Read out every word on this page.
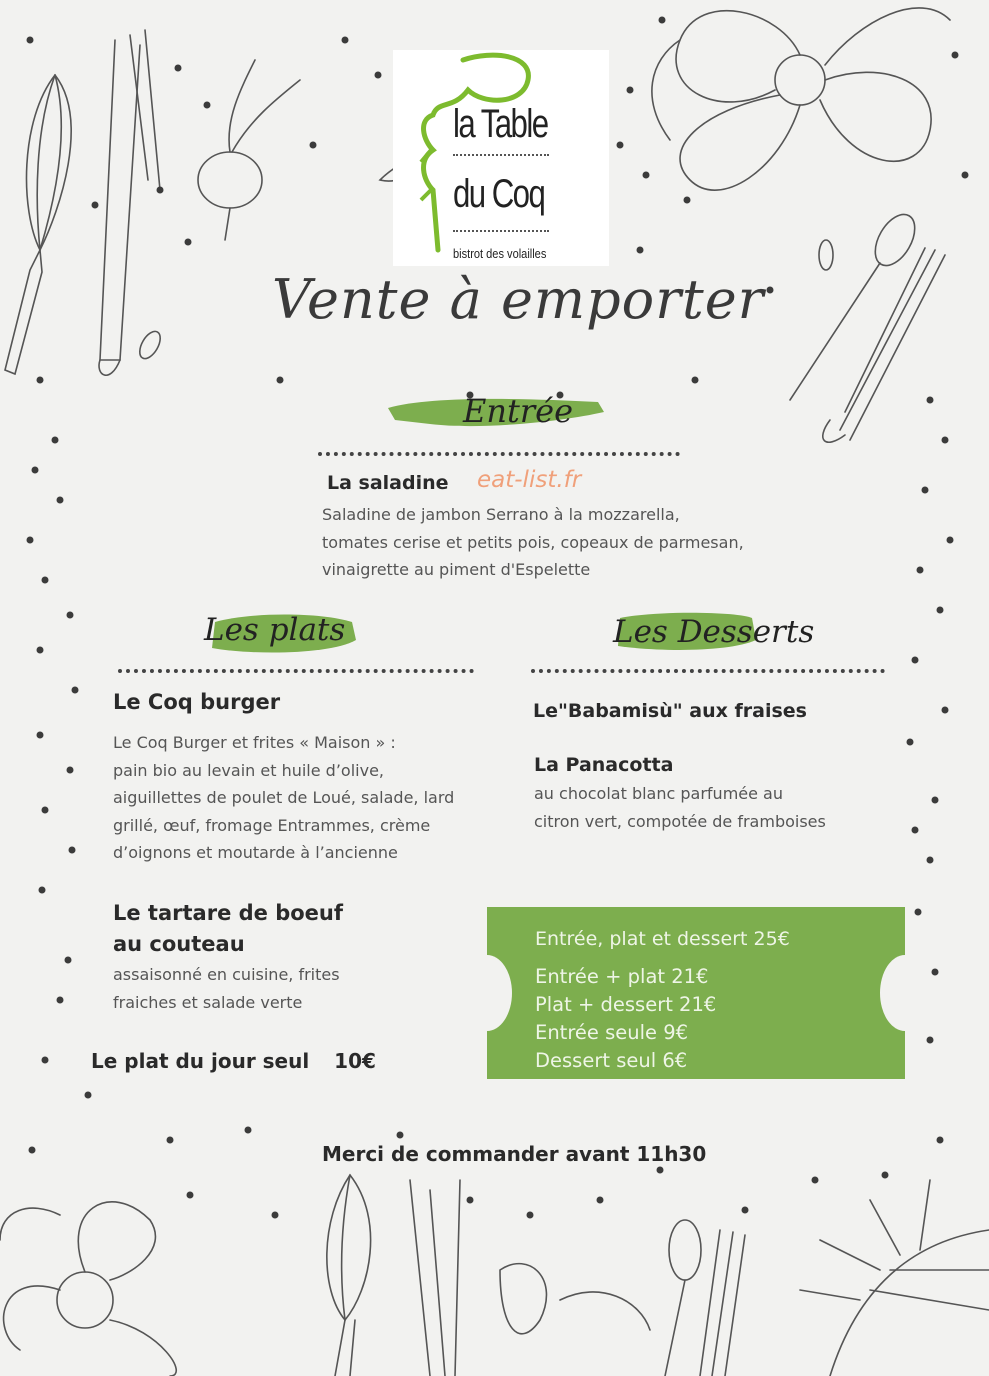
la Table
du Coq
bistrot des volailles
Vente à emporter
Entrée
La saladine eat-list.fr
Saladine de jambon Serrano à la mozzarella,
tomates cerise et petits pois, copeaux de parmesan,
vinaigrette au piment d'Espelette
Les plats
Le Coq burger
Le Coq Burger et frites « Maison » :
pain bio au levain et huile d’olive,
aiguillettes de poulet de Loué, salade, lard
grillé, œuf, fromage Entrammes, crème
d’oignons et moutarde à l’ancienne
Le tartare de boeuf
au couteau
assaisonné en cuisine, frites
fraiches et salade verte
Le plat du jour seul 10€
Les Desserts
Le"Babamisù" aux fraises
La Panacotta
au chocolat blanc parfumée au
citron vert, compotée de framboises
Entrée, plat et dessert 25€
Entrée + plat 21€
Plat + dessert 21€
Entrée seule 9€
Dessert seul 6€
Merci de commander avant 11h30
